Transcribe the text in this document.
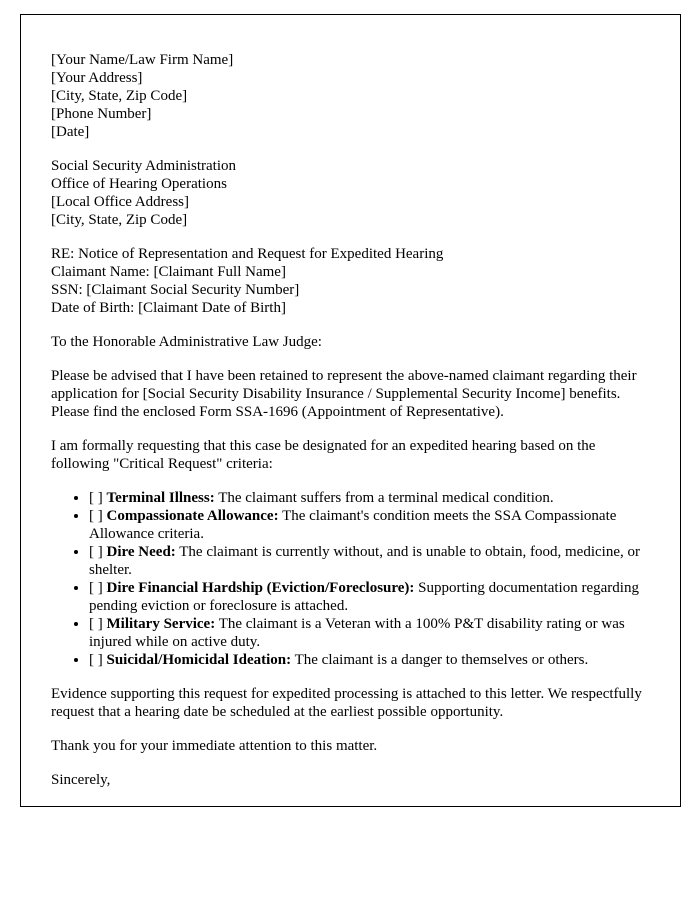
[Your Name/Law Firm Name]
[Your Address]
[City, State, Zip Code]
[Phone Number]
[Date]
Social Security Administration
Office of Hearing Operations
[Local Office Address]
[City, State, Zip Code]
RE: Notice of Representation and Request for Expedited Hearing
Claimant Name: [Claimant Full Name]
SSN: [Claimant Social Security Number]
Date of Birth: [Claimant Date of Birth]

To the Honorable Administrative Law Judge:

Please be advised that I have been retained to represent the above-named claimant regarding their application for [Social Security Disability Insurance / Supplemental Security Income] benefits. Please find the enclosed Form SSA-1696 (Appointment of Representative).

I am formally requesting that this case be designated for an expedited hearing based on the following "Critical Request" criteria:

• [ ] Terminal Illness: The claimant suffers from a terminal medical condition.
• [ ] Compassionate Allowance: The claimant's condition meets the SSA Compassionate Allowance criteria.
• [ ] Dire Need: The claimant is currently without, and is unable to obtain, food, medicine, or shelter.
• [ ] Dire Financial Hardship (Eviction/Foreclosure): Supporting documentation regarding pending eviction or foreclosure is attached.
• [ ] Military Service: The claimant is a Veteran with a 100% P&T disability rating or was injured while on active duty.
• [ ] Suicidal/Homicidal Ideation: The claimant is a danger to themselves or others.

Evidence supporting this request for expedited processing is attached to this letter. We respectfully request that a hearing date be scheduled at the earliest possible opportunity.

Thank you for your immediate attention to this matter.

Sincerely,
